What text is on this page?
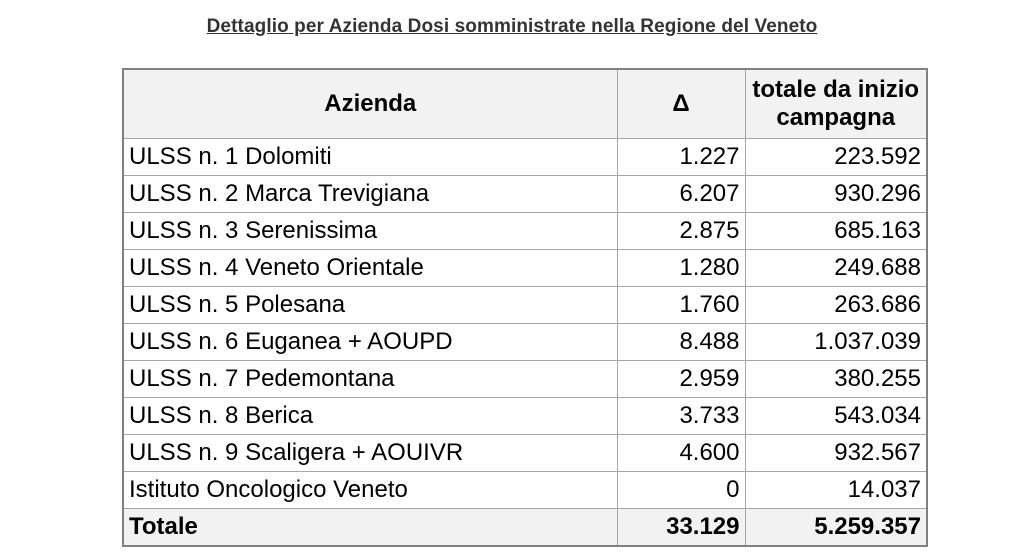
Dettaglio per Azienda Dosi somministrate nella Regione del Veneto
Azienda	Δ	totale da inizio campagna
ULSS n. 1 Dolomiti	1.227	223.592
ULSS n. 2 Marca Trevigiana	6.207	930.296
ULSS n. 3 Serenissima	2.875	685.163
ULSS n. 4 Veneto Orientale	1.280	249.688
ULSS n. 5 Polesana	1.760	263.686
ULSS n. 6 Euganea + AOUPD	8.488	1.037.039
ULSS n. 7 Pedemontana	2.959	380.255
ULSS n. 8 Berica	3.733	543.034
ULSS n. 9 Scaligera + AOUIVR	4.600	932.567
Istituto Oncologico Veneto	0	14.037
Totale	33.129	5.259.357
